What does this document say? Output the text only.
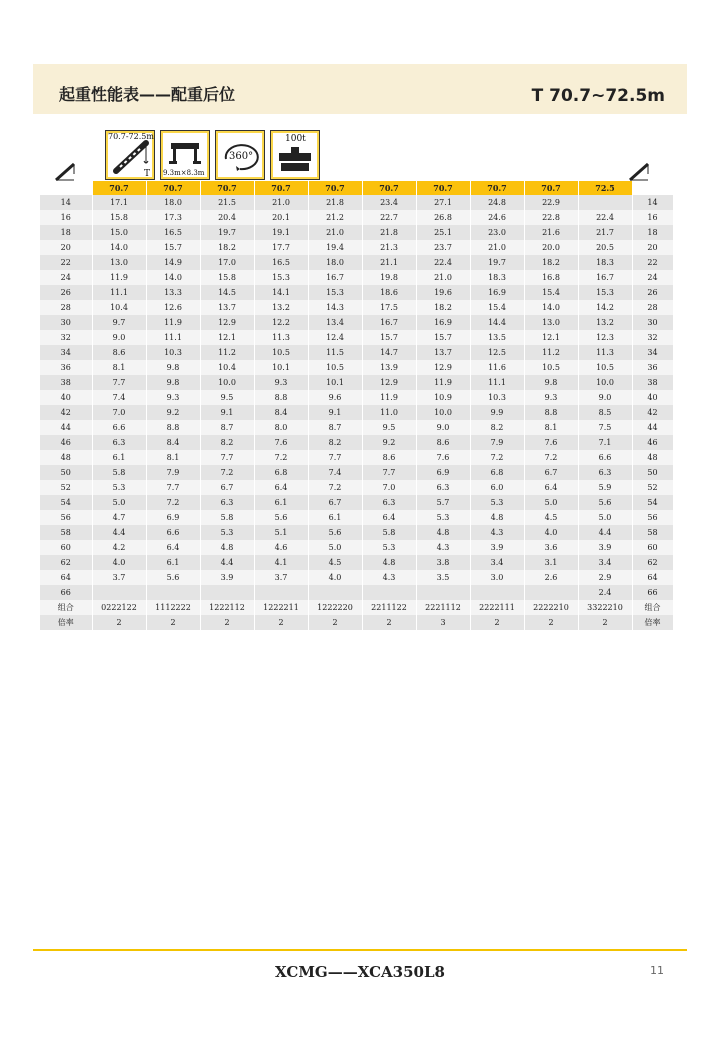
起重性能表——配重后位	T 70.7~72.5m
70.7-72.5m
T 9.3m×8.3m
360°
100t
	70.7	70.7	70.7	70.7	70.7	70.7	70.7	70.7	70.7	72.5	
14	17.1	18.0	21.5	21.0	21.8	23.4	27.1	24.8	22.9		14
16	15.8	17.3	20.4	20.1	21.2	22.7	26.8	24.6	22.8	22.4	16
18	15.0	16.5	19.7	19.1	21.0	21.8	25.1	23.0	21.6	21.7	18
20	14.0	15.7	18.2	17.7	19.4	21.3	23.7	21.0	20.0	20.5	20
22	13.0	14.9	17.0	16.5	18.0	21.1	22.4	19.7	18.2	18.3	22
24	11.9	14.0	15.8	15.3	16.7	19.8	21.0	18.3	16.8	16.7	24
26	11.1	13.3	14.5	14.1	15.3	18.6	19.6	16.9	15.4	15.3	26
28	10.4	12.6	13.7	13.2	14.3	17.5	18.2	15.4	14.0	14.2	28
30	9.7	11.9	12.9	12.2	13.4	16.7	16.9	14.4	13.0	13.2	30
32	9.0	11.1	12.1	11.3	12.4	15.7	15.7	13.5	12.1	12.3	32
34	8.6	10.3	11.2	10.5	11.5	14.7	13.7	12.5	11.2	11.3	34
36	8.1	9.8	10.4	10.1	10.5	13.9	12.9	11.6	10.5	10.5	36
38	7.7	9.8	10.0	9.3	10.1	12.9	11.9	11.1	9.8	10.0	38
40	7.4	9.3	9.5	8.8	9.6	11.9	10.9	10.3	9.3	9.0	40
42	7.0	9.2	9.1	8.4	9.1	11.0	10.0	9.9	8.8	8.5	42
44	6.6	8.8	8.7	8.0	8.7	9.5	9.0	8.2	8.1	7.5	44
46	6.3	8.4	8.2	7.6	8.2	9.2	8.6	7.9	7.6	7.1	46
48	6.1	8.1	7.7	7.2	7.7	8.6	7.6	7.2	7.2	6.6	48
50	5.8	7.9	7.2	6.8	7.4	7.7	6.9	6.8	6.7	6.3	50
52	5.3	7.7	6.7	6.4	7.2	7.0	6.3	6.0	6.4	5.9	52
54	5.0	7.2	6.3	6.1	6.7	6.3	5.7	5.3	5.0	5.6	54
56	4.7	6.9	5.8	5.6	6.1	6.4	5.3	4.8	4.5	5.0	56
58	4.4	6.6	5.3	5.1	5.6	5.8	4.8	4.3	4.0	4.4	58
60	4.2	6.4	4.8	4.6	5.0	5.3	4.3	3.9	3.6	3.9	60
62	4.0	6.1	4.4	4.1	4.5	4.8	3.8	3.4	3.1	3.4	62
64	3.7	5.6	3.9	3.7	4.0	4.3	3.5	3.0	2.6	2.9	64
66										2.4	66
组合	0222122	1112222	1222112	1222211	1222220	2211122	2221112	2222111	2222210	3322210	组合
倍率	2	2	2	2	2	2	3	2	2	2	倍率
XCMG——XCA350L8	11
